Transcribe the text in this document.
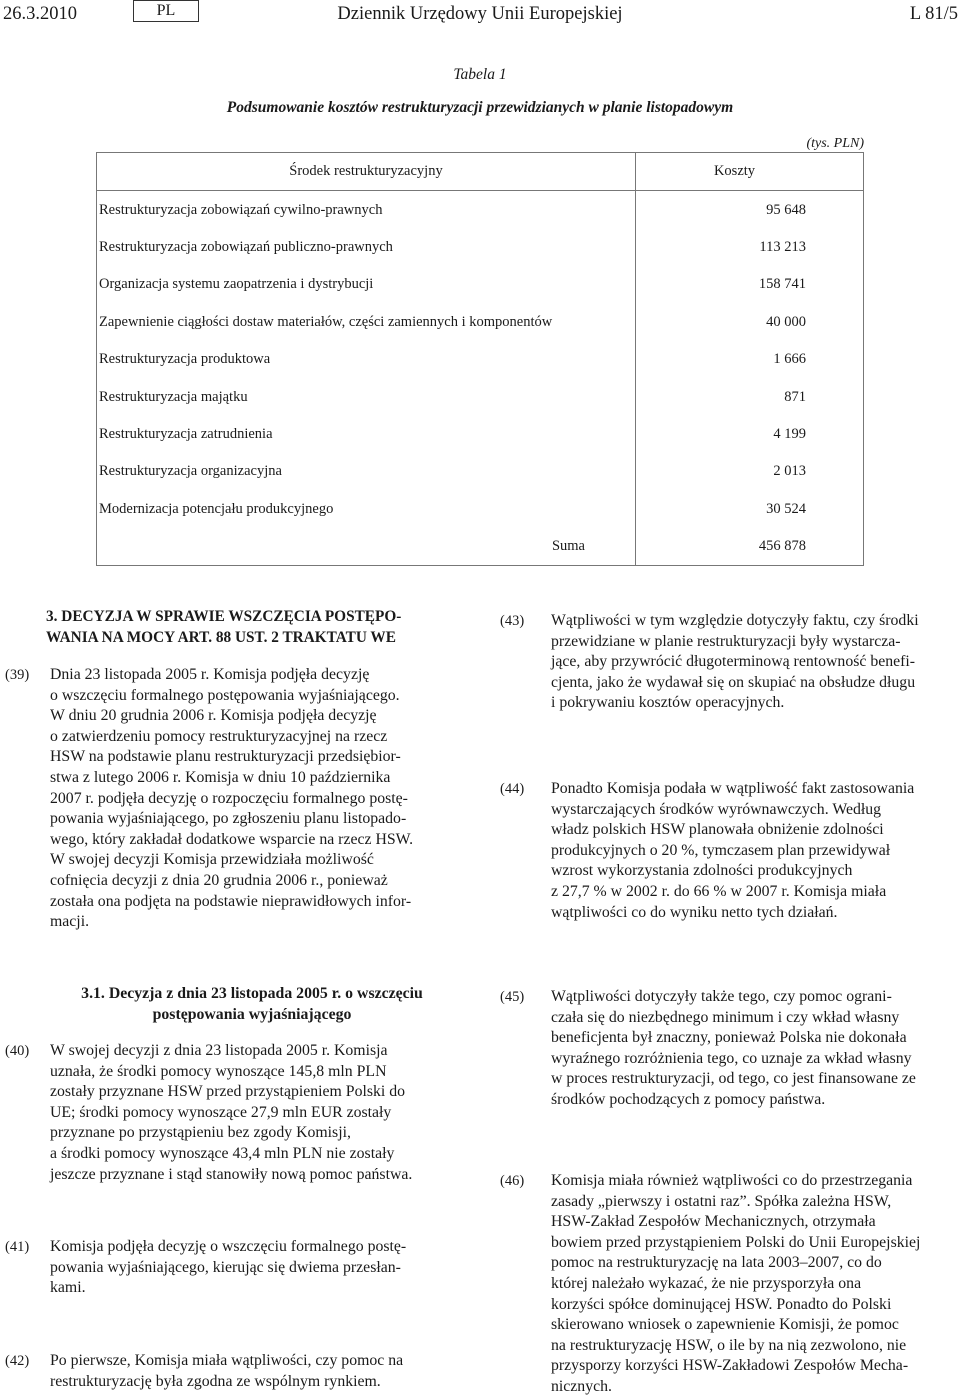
26.3.2010	PL	Dziennik Urzędowy Unii Europejskiej	L 81/5
Tabela 1
Podsumowanie kosztów restrukturyzacji przewidzianych w planie listopadowym
(tys. PLN)
Środek restrukturyzacyjny	Koszty
Restrukturyzacja zobowiązań cywilno-prawnych	95 648
Restrukturyzacja zobowiązań publiczno-prawnych	113 213
Organizacja systemu zaopatrzenia i dystrybucji	158 741
Zapewnienie ciągłości dostaw materiałów, części zamiennych i komponentów	40 000
Restrukturyzacja produktowa	1 666
Restrukturyzacja majątku	871
Restrukturyzacja zatrudnienia	4 199
Restrukturyzacja organizacyjna	2 013
Modernizacja potencjału produkcyjnego	30 524
Suma	456 878
3. DECYZJA W SPRAWIE WSZCZĘCIA POSTĘPO-
WANIA NA MOCY ART. 88 UST. 2 TRAKTATU WE
3.1. Decyzja z dnia 23 listopada 2005 r. o wszczęciu
postępowania wyjaśniającego
(39) Dnia 23 listopada 2005 r. Komisja podjęła decyzję
o wszczęciu formalnego postępowania wyjaśniającego.
W dniu 20 grudnia 2006 r. Komisja podjęła decyzję
o zatwierdzeniu pomocy restrukturyzacyjnej na rzecz
HSW na podstawie planu restrukturyzacji przedsiębior-
stwa z lutego 2006 r. Komisja w dniu 10 października
2007 r. podjęła decyzję o rozpoczęciu formalnego postę-
powania wyjaśniającego, po zgłoszeniu planu listopado-
wego, który zakładał dodatkowe wsparcie na rzecz HSW.
W swojej decyzji Komisja przewidziała możliwość
cofnięcia decyzji z dnia 20 grudnia 2006 r., ponieważ
została ona podjęta na podstawie nieprawidłowych infor-
macji.
(40) W swojej decyzji z dnia 23 listopada 2005 r. Komisja
uznała, że środki pomocy wynoszące 145,8 mln PLN
zostały przyznane HSW przed przystąpieniem Polski do
UE; środki pomocy wynoszące 27,9 mln EUR zostały
przyznane po przystąpieniu bez zgody Komisji,
a środki pomocy wynoszące 43,4 mln PLN nie zostały
jeszcze przyznane i stąd stanowiły nową pomoc państwa.
(41) Komisja podjęła decyzję o wszczęciu formalnego postę-
powania wyjaśniającego, kierując się dwiema przesłan-
kami.
(42) Po pierwsze, Komisja miała wątpliwości, czy pomoc na
restrukturyzację była zgodna ze wspólnym rynkiem.
(43) Wątpliwości w tym względzie dotyczyły faktu, czy środki
przewidziane w planie restrukturyzacji były wystarcza-
jące, aby przywrócić długoterminową rentowność benefi-
cjenta, jako że wydawał się on skupiać na obsłudze długu
i pokrywaniu kosztów operacyjnych.
(44) Ponadto Komisja podała w wątpliwość fakt zastosowania
wystarczających środków wyrównawczych. Według
władz polskich HSW planowała obniżenie zdolności
produkcyjnych o 20 %, tymczasem plan przewidywał
wzrost wykorzystania zdolności produkcyjnych
z 27,7 % w 2002 r. do 66 % w 2007 r. Komisja miała
wątpliwości co do wyniku netto tych działań.
(45) Wątpliwości dotyczyły także tego, czy pomoc ograni-
czała się do niezbędnego minimum i czy wkład własny
beneficjenta był znaczny, ponieważ Polska nie dokonała
wyraźnego rozróżnienia tego, co uznaje za wkład własny
w proces restrukturyzacji, od tego, co jest finansowane ze
środków pochodzących z pomocy państwa.
(46) Komisja miała również wątpliwości co do przestrzegania
zasady „pierwszy i ostatni raz”. Spółka zależna HSW,
HSW-Zakład Zespołów Mechanicznych, otrzymała
bowiem przed przystąpieniem Polski do Unii Europejskiej
pomoc na restrukturyzację na lata 2003–2007, co do
której należało wykazać, że nie przysporzyła ona
korzyści spółce dominującej HSW. Ponadto do Polski
skierowano wniosek o zapewnienie Komisji, że pomoc
na restrukturyzację HSW, o ile by na nią zezwolono, nie
przysporzy korzyści HSW-Zakładowi Zespołów Mecha-
nicznych.
